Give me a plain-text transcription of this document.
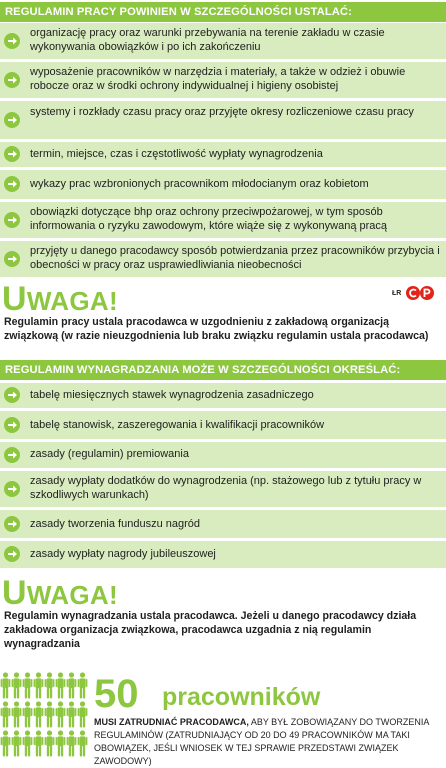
REGULAMIN PRACY POWINIEN W SZCZEGÓLNOŚCI USTALAĆ:
organizację pracy oraz warunki przebywania na terenie zakładu w czasie wykonywania obowiązków i po ich zakończeniu
wyposażenie pracowników w narzędzia i materiały, a także w odzież i obuwie robocze oraz w środki ochrony indywidualnej i higieny osobistej
systemy i rozkłady czasu pracy oraz przyjęte okresy rozliczeniowe czasu pracy
termin, miejsce, czas i częstotliwość wypłaty wynagrodzenia
wykazy prac wzbronionych pracownikom młodocianym oraz kobietom
obowiązki dotyczące bhp oraz ochrony przeciwpożarowej, w tym sposób informowania o ryzyku zawodowym, które wiąże się z wykonywaną pracą
przyjęty u danego pracodawcy sposób potwierdzania przez pracowników przybycia i obecności w pracy oraz usprawiedliwiania nieobecności
UWAGA!	ŁR
Regulamin pracy ustala pracodawca w uzgodnieniu z zakładową organizacją związkową (w razie nieuzgodnienia lub braku związku regulamin ustala pracodawca)
REGULAMIN WYNAGRADZANIA MOŻE W SZCZEGÓLNOŚCI OKREŚLAĆ:
tabelę miesięcznych stawek wynagrodzenia zasadniczego
tabelę stanowisk, zaszeregowania i kwalifikacji pracowników
zasady (regulamin) premiowania
zasady wypłaty dodatków do wynagrodzenia (np. stażowego lub z tytułu pracy w szkodliwych warunkach)
zasady tworzenia funduszu nagród
zasady wypłaty nagrody jubileuszowej
UWAGA!
Regulamin wynagradzania ustala pracodawca. Jeżeli u danego pracodawcy działa zakładowa organizacja związkowa, pracodawca uzgadnia z nią regulamin wynagradzania
50 pracowników
MUSI ZATRUDNIAĆ PRACODAWCA, ABY BYŁ ZOBOWIĄZANY DO TWORZENIA REGULAMINÓW (ZATRUDNIAJĄCY OD 20 DO 49 PRACOWNIKÓW MA TAKI OBOWIĄZEK, JEŚLI WNIOSEK W TEJ SPRAWIE PRZEDSTAWI ZWIĄZEK ZAWODOWY)
